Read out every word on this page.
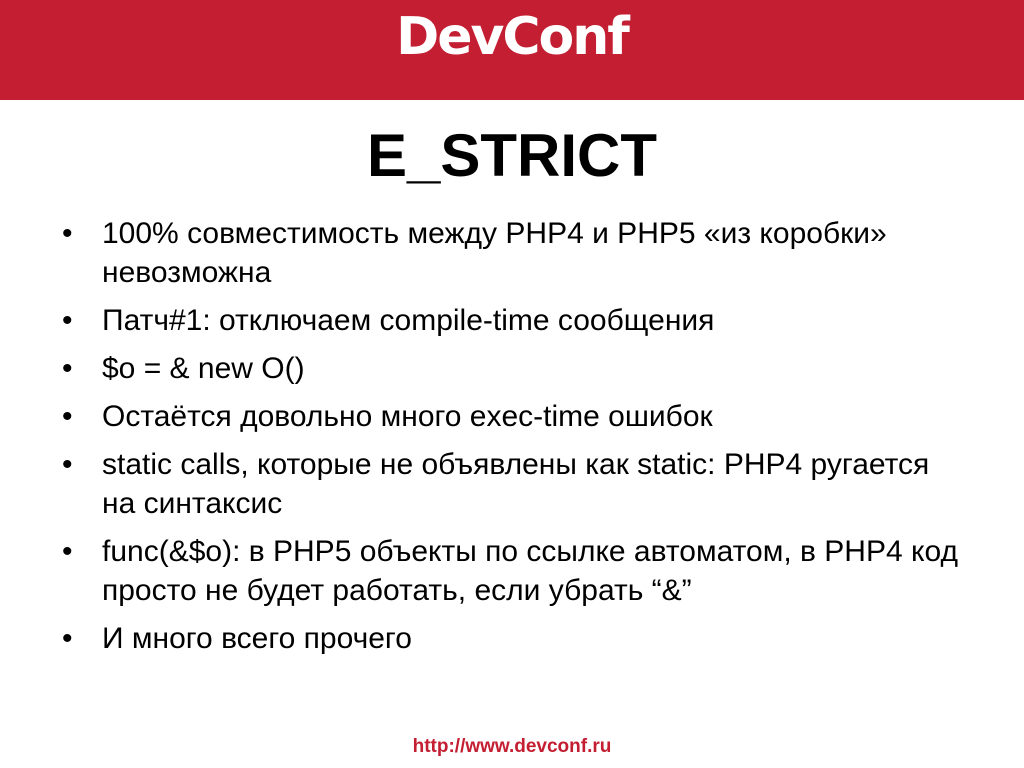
DevConf
E_STRICT
• 100% совместимость между PHP4 и PHP5 «из коробки» невозможна
• Патч#1: отключаем compile-time сообщения
• $o = & new O()
• Остаётся довольно много exec-time ошибок
• static calls, которые не объявлены как static: PHP4 ругается на синтаксис
• func(&$o): в PHP5 объекты по ссылке автоматом, в PHP4 код просто не будет работать, если убрать “&”
• И много всего прочего
http://www.devconf.ru
